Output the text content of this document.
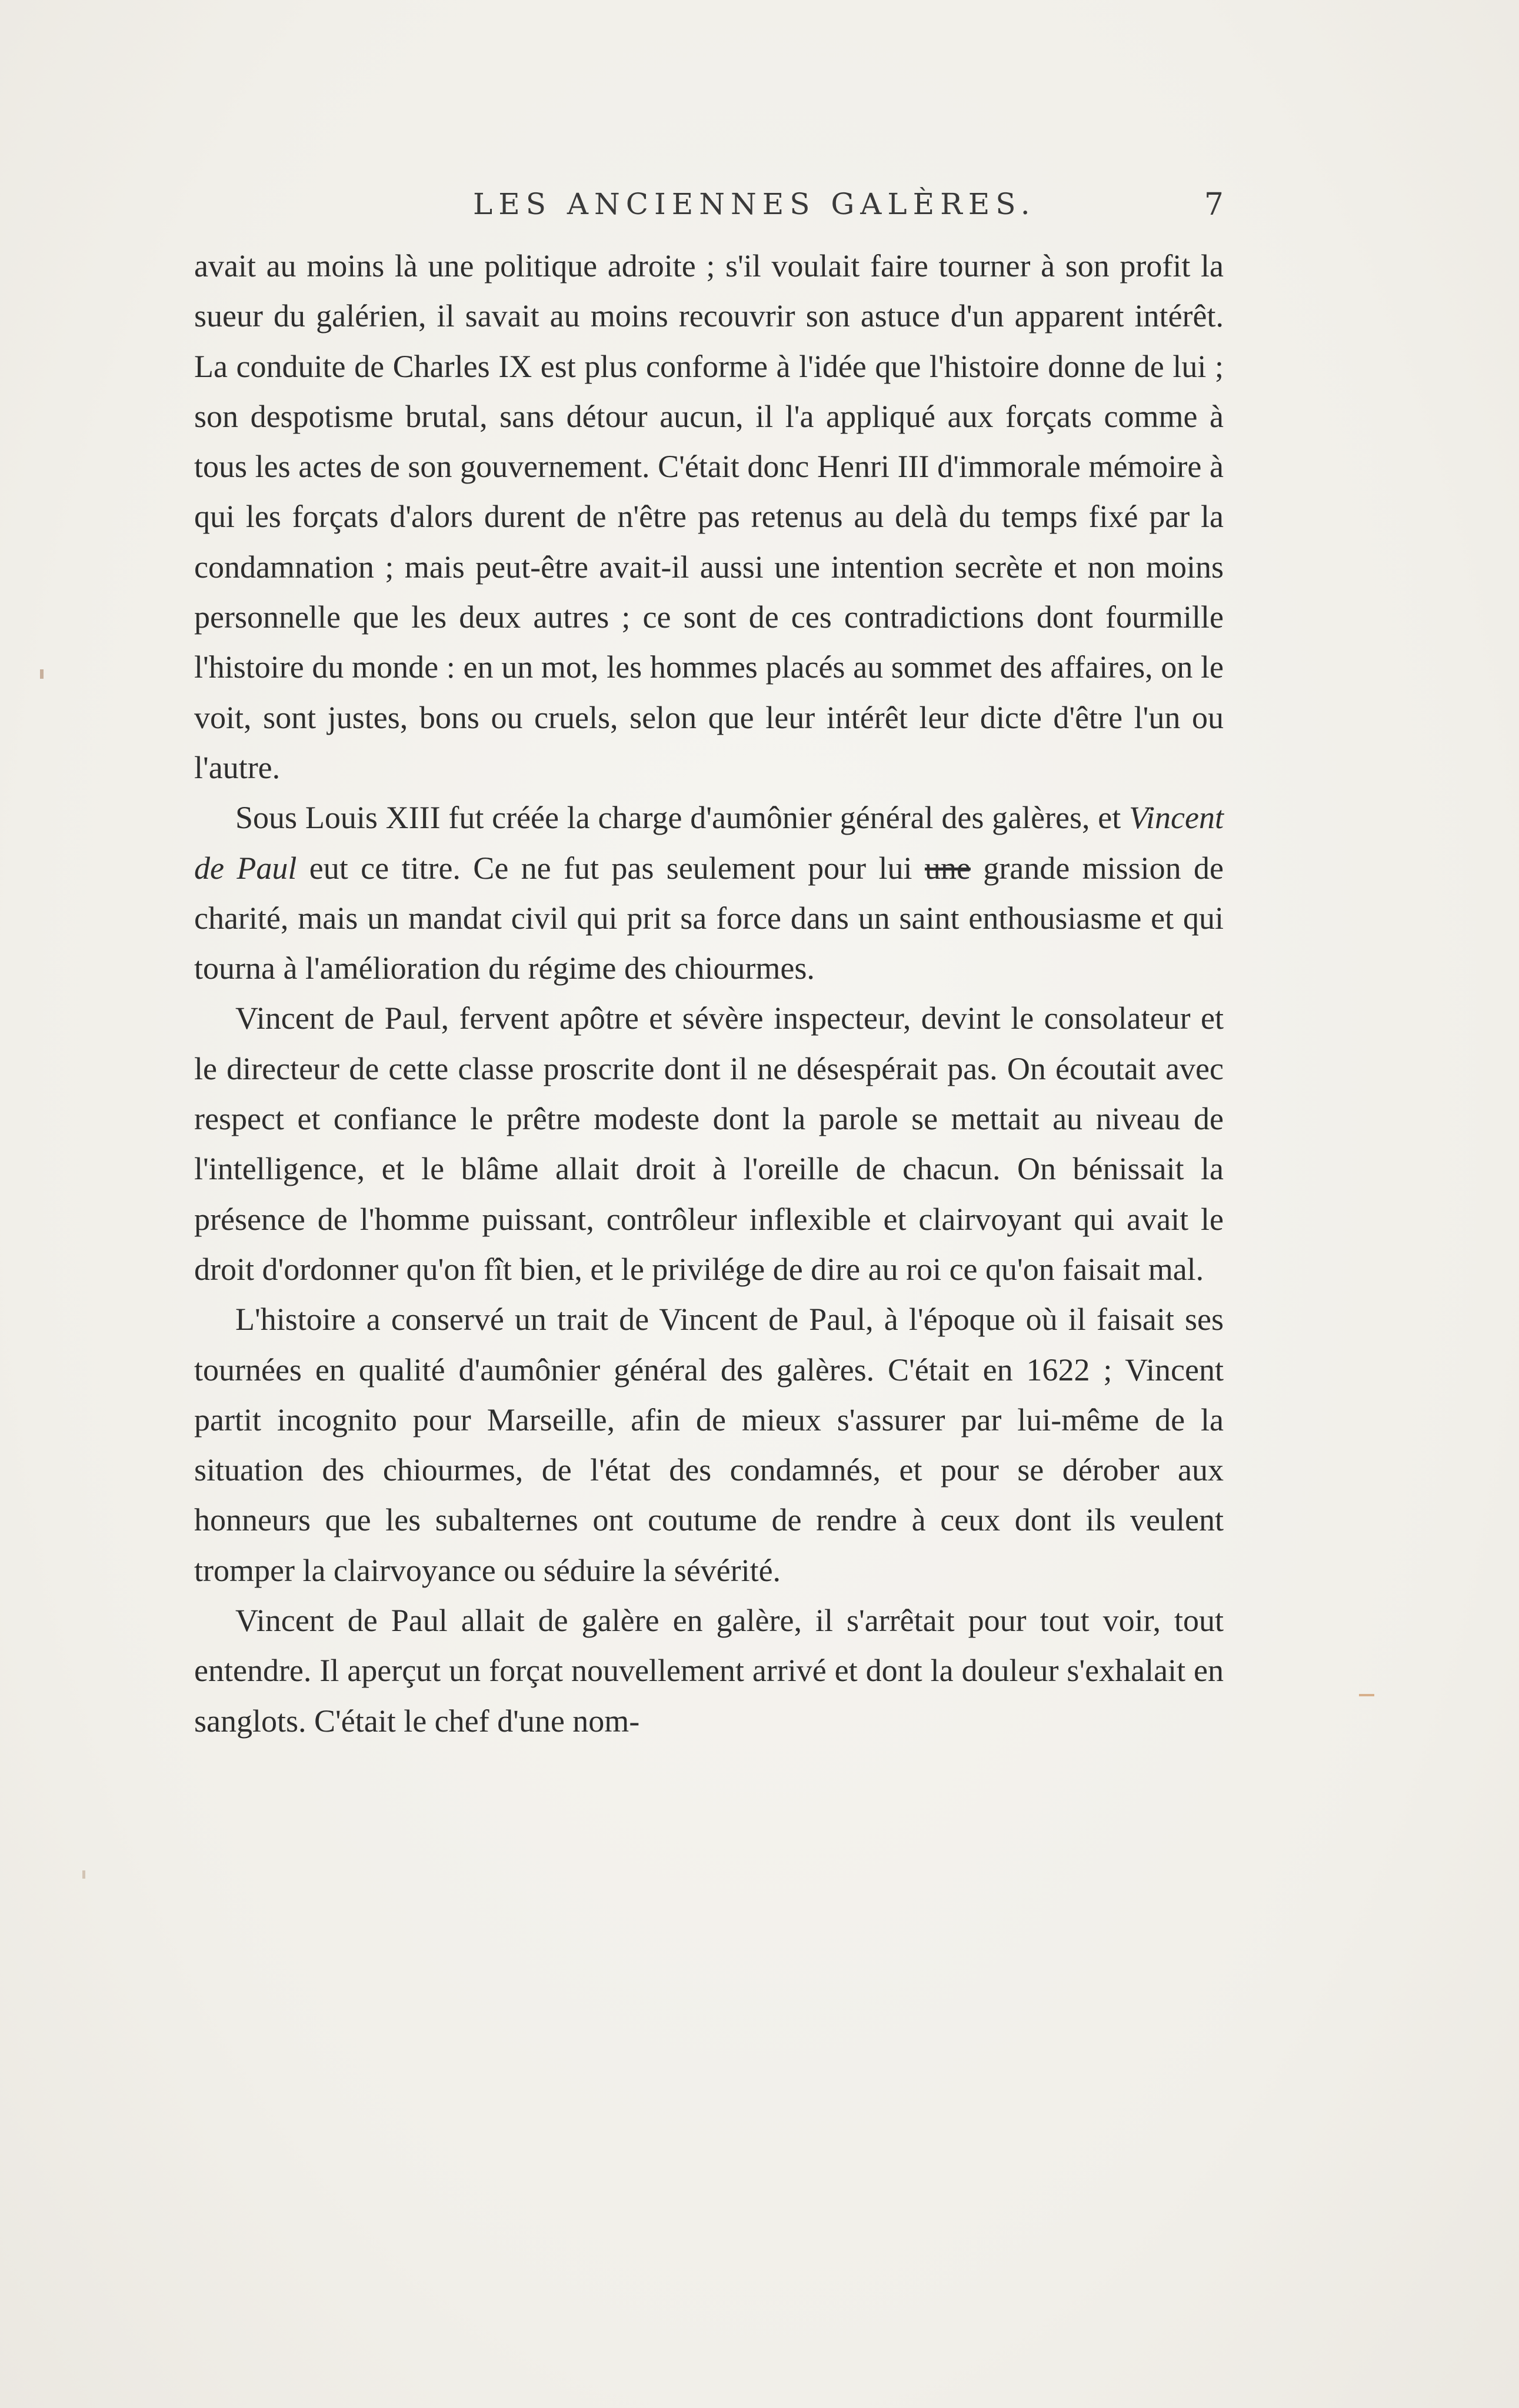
LES ANCIENNES GALÈRES.	7

avait au moins là une politique adroite ; s'il voulait faire tourner à son profit la sueur du galérien, il savait au moins recouvrir son astuce d'un apparent intérêt. La conduite de Charles IX est plus conforme à l'idée que l'histoire donne de lui ; son despotisme brutal, sans détour aucun, il l'a appliqué aux forçats comme à tous les actes de son gouvernement. C'était donc Henri III d'immorale mémoire à qui les forçats d'alors durent de n'être pas retenus au delà du temps fixé par la condamnation ; mais peut-être avait-il aussi une intention secrète et non moins personnelle que les deux autres ; ce sont de ces contradictions dont fourmille l'histoire du monde : en un mot, les hommes placés au sommet des affaires, on le voit, sont justes, bons ou cruels, selon que leur intérêt leur dicte d'être l'un ou l'autre.

Sous Louis XIII fut créée la charge d'aumônier général des galères, et Vincent de Paul eut ce titre. Ce ne fut pas seulement pour lui une grande mission de charité, mais un mandat civil qui prit sa force dans un saint enthousiasme et qui tourna à l'amélioration du régime des chiourmes.

Vincent de Paul, fervent apôtre et sévère inspecteur, devint le consolateur et le directeur de cette classe proscrite dont il ne désespérait pas. On écoutait avec respect et confiance le prêtre modeste dont la parole se mettait au niveau de l'intelligence, et le blâme allait droit à l'oreille de chacun. On bénissait la présence de l'homme puissant, contrôleur inflexible et clairvoyant qui avait le droit d'ordonner qu'on fît bien, et le privilége de dire au roi ce qu'on faisait mal.

L'histoire a conservé un trait de Vincent de Paul, à l'époque où il faisait ses tournées en qualité d'aumônier général des galères. C'était en 1622 ; Vincent partit incognito pour Marseille, afin de mieux s'assurer par lui-même de la situation des chiourmes, de l'état des condamnés, et pour se dérober aux honneurs que les subalternes ont coutume de rendre à ceux dont ils veulent tromper la clairvoyance ou séduire la sévérité.

Vincent de Paul allait de galère en galère, il s'arrêtait pour tout voir, tout entendre. Il aperçut un forçat nouvellement arrivé et dont la douleur s'exhalait en sanglots. C'était le chef d'une nom-
